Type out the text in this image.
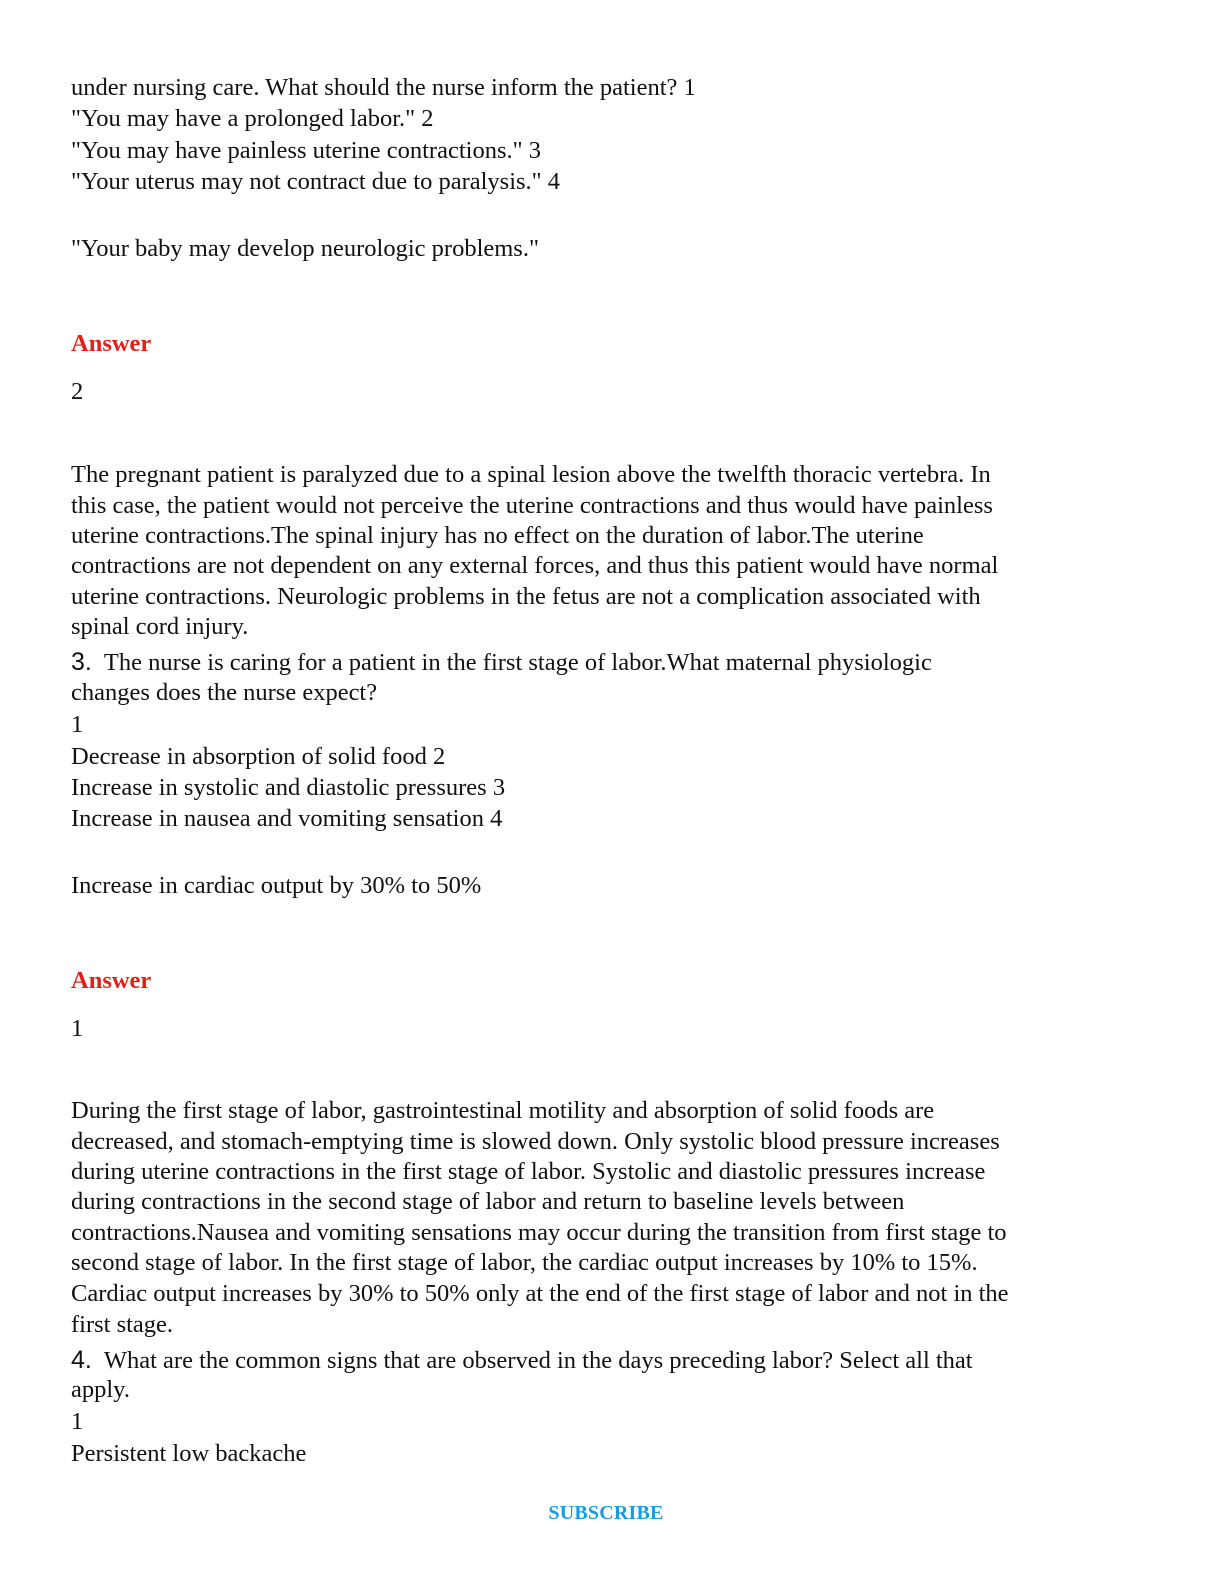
under nursing care. What should the nurse inform the patient? 1
"You may have a prolonged labor." 2
"You may have painless uterine contractions." 3
"Your uterus may not contract due to paralysis." 4
"Your baby may develop neurologic problems."
Answer
2
The pregnant patient is paralyzed due to a spinal lesion above the twelfth thoracic vertebra. In
this case, the patient would not perceive the uterine contractions and thus would have painless
uterine contractions.The spinal injury has no effect on the duration of labor.The uterine
contractions are not dependent on any external forces, and thus this patient would have normal
uterine contractions. Neurologic problems in the fetus are not a complication associated with
spinal cord injury.
3. The nurse is caring for a patient in the first stage of labor.What maternal physiologic
changes does the nurse expect?
1
Decrease in absorption of solid food 2
Increase in systolic and diastolic pressures 3
Increase in nausea and vomiting sensation 4
Increase in cardiac output by 30% to 50%
Answer
1
During the first stage of labor, gastrointestinal motility and absorption of solid foods are
decreased, and stomach-emptying time is slowed down. Only systolic blood pressure increases
during uterine contractions in the first stage of labor. Systolic and diastolic pressures increase
during contractions in the second stage of labor and return to baseline levels between
contractions.Nausea and vomiting sensations may occur during the transition from first stage to
second stage of labor. In the first stage of labor, the cardiac output increases by 10% to 15%.
Cardiac output increases by 30% to 50% only at the end of the first stage of labor and not in the
first stage.
4. What are the common signs that are observed in the days preceding labor? Select all that
apply.
1
Persistent low backache
SUBSCRIBE
